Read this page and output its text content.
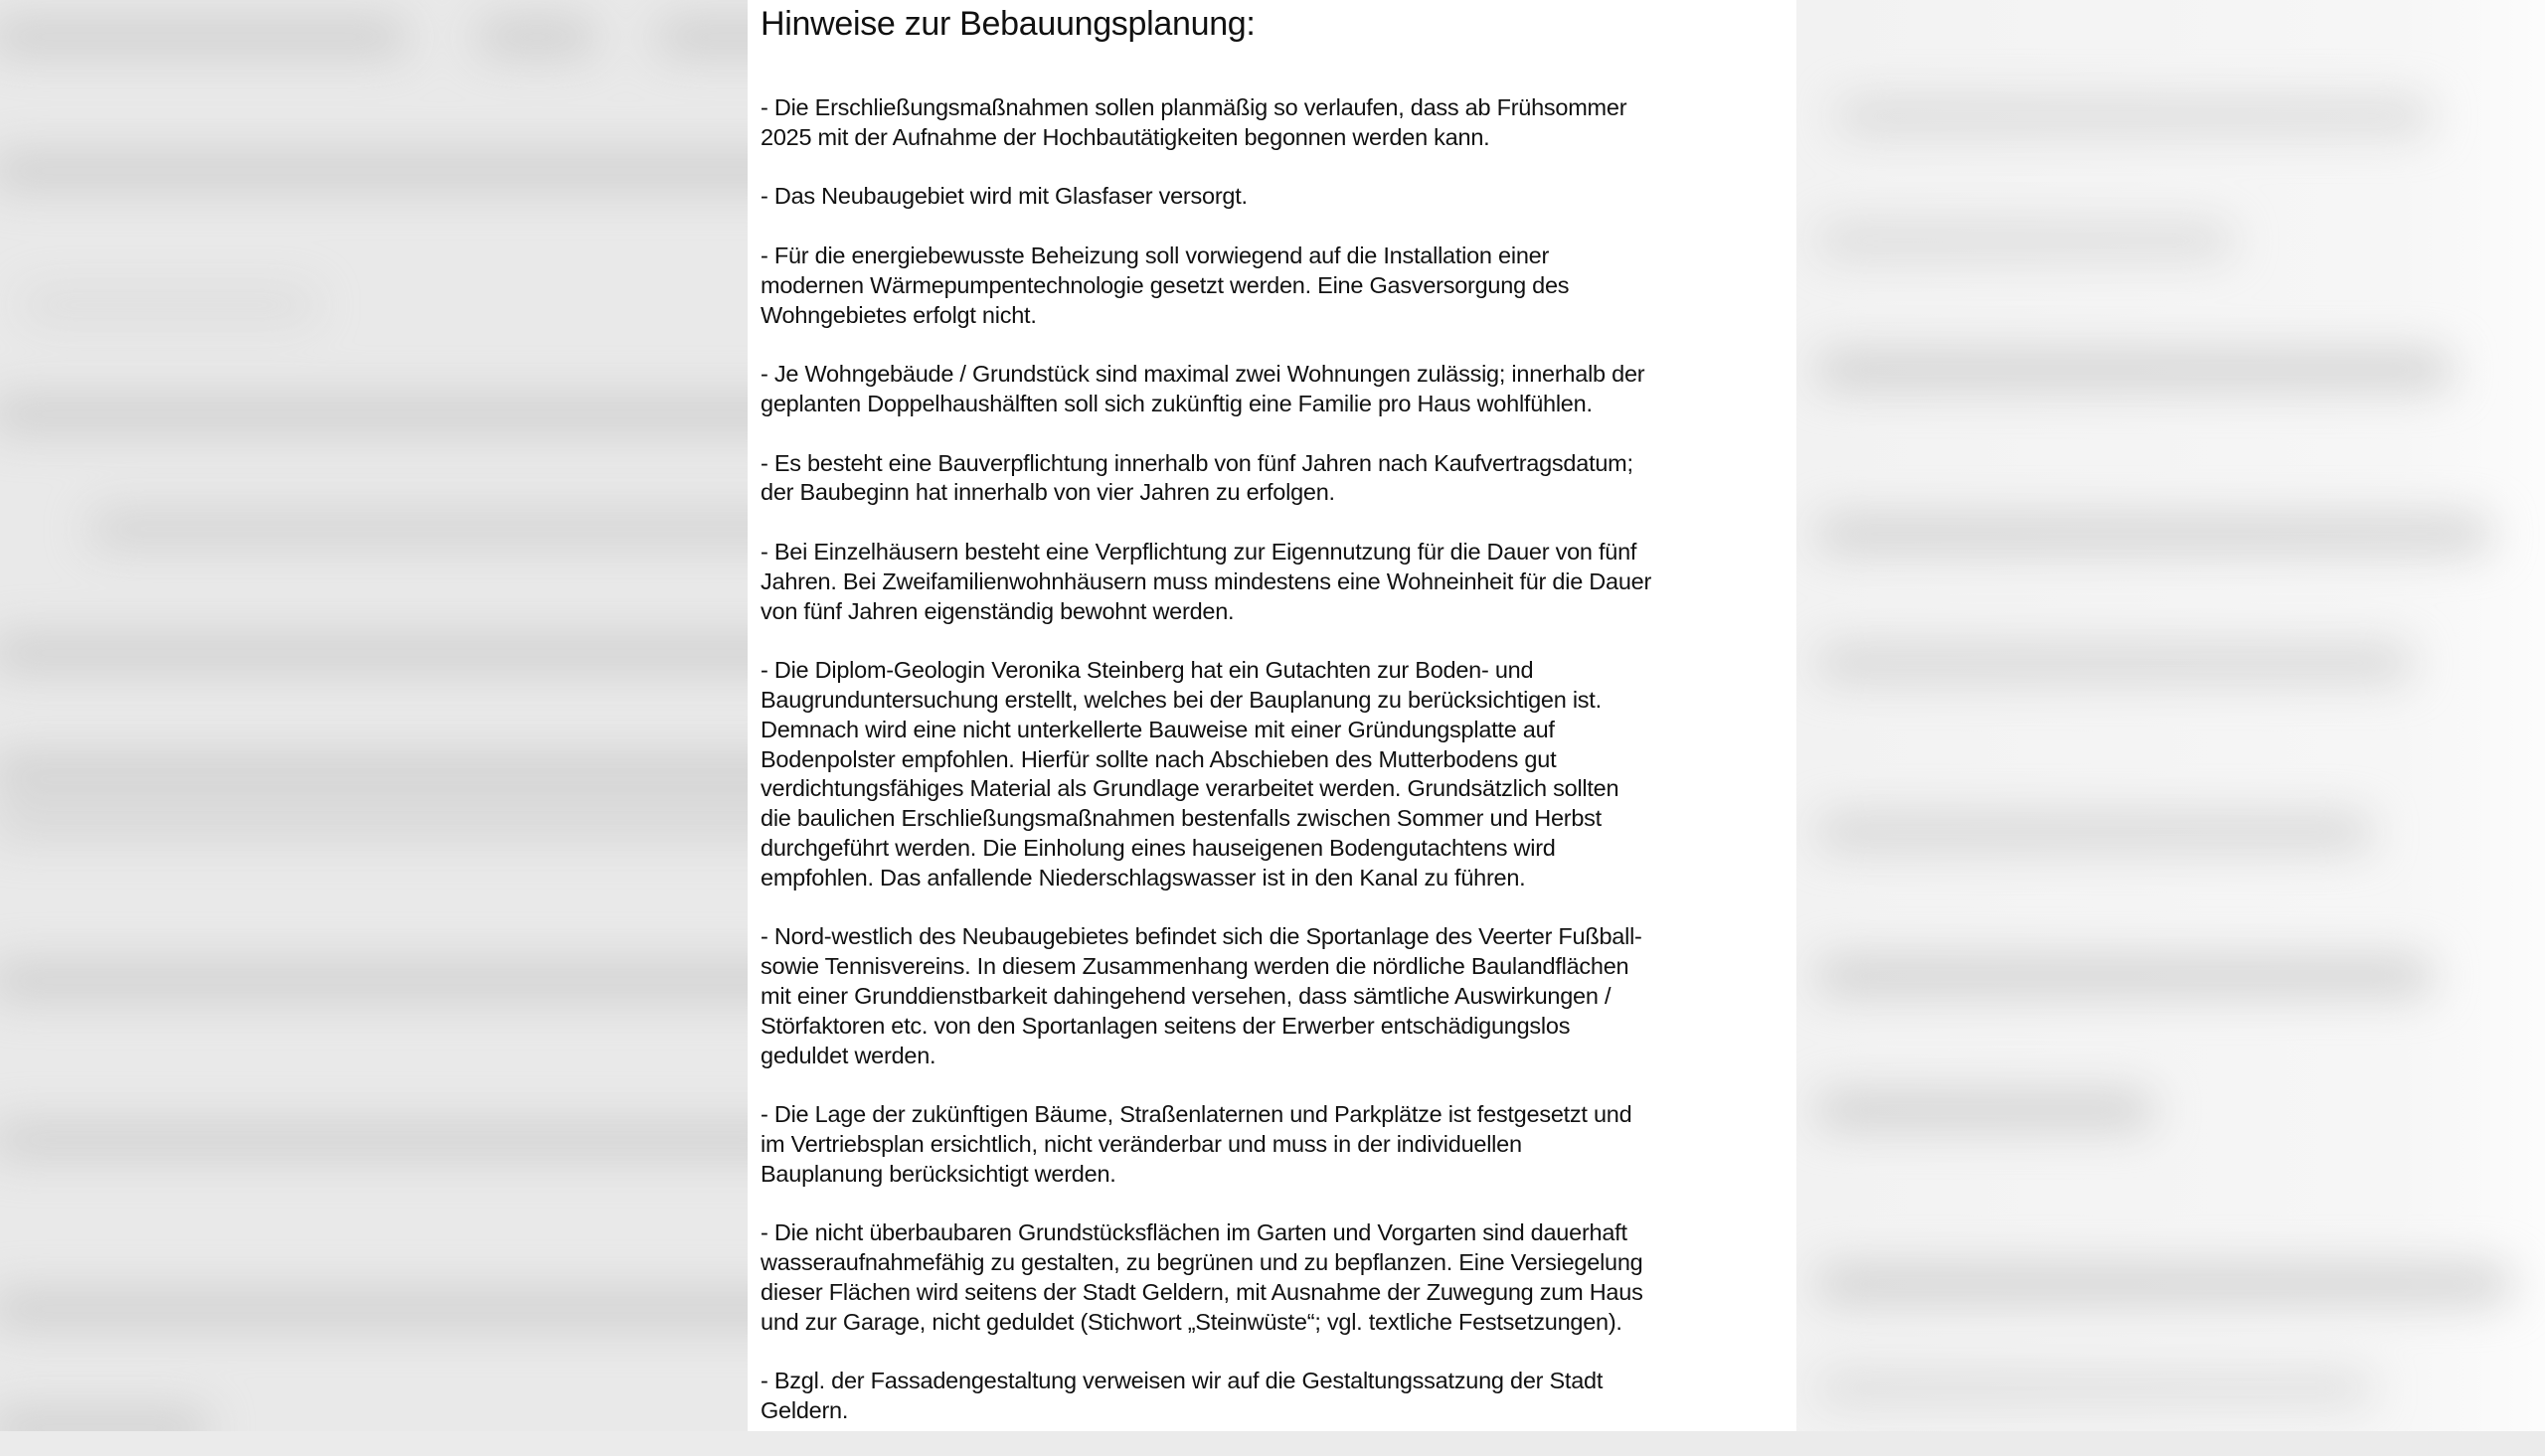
Hinweise zur Bebauungsplanung:

- Die Erschließungsmaßnahmen sollen planmäßig so verlaufen, dass ab Frühsommer
2025 mit der Aufnahme der Hochbautätigkeiten begonnen werden kann.

- Das Neubaugebiet wird mit Glasfaser versorgt.

- Für die energiebewusste Beheizung soll vorwiegend auf die Installation einer
modernen Wärmepumpentechnologie gesetzt werden. Eine Gasversorgung des
Wohngebietes erfolgt nicht.

- Je Wohngebäude / Grundstück sind maximal zwei Wohnungen zulässig; innerhalb der
geplanten Doppelhaushälften soll sich zukünftig eine Familie pro Haus wohlfühlen.

- Es besteht eine Bauverpflichtung innerhalb von fünf Jahren nach Kaufvertragsdatum;
der Baubeginn hat innerhalb von vier Jahren zu erfolgen.

- Bei Einzelhäusern besteht eine Verpflichtung zur Eigennutzung für die Dauer von fünf
Jahren. Bei Zweifamilienwohnhäusern muss mindestens eine Wohneinheit für die Dauer
von fünf Jahren eigenständig bewohnt werden.

- Die Diplom-Geologin Veronika Steinberg hat ein Gutachten zur Boden- und
Baugrunduntersuchung erstellt, welches bei der Bauplanung zu berücksichtigen ist.
Demnach wird eine nicht unterkellerte Bauweise mit einer Gründungsplatte auf
Bodenpolster empfohlen. Hierfür sollte nach Abschieben des Mutterbodens gut
verdichtungsfähiges Material als Grundlage verarbeitet werden. Grundsätzlich sollten
die baulichen Erschließungsmaßnahmen bestenfalls zwischen Sommer und Herbst
durchgeführt werden. Die Einholung eines hauseigenen Bodengutachtens wird
empfohlen. Das anfallende Niederschlagswasser ist in den Kanal zu führen.

- Nord-westlich des Neubaugebietes befindet sich die Sportanlage des Veerter Fußball-
sowie Tennisvereins. In diesem Zusammenhang werden die nördliche Baulandflächen
mit einer Grunddienstbarkeit dahingehend versehen, dass sämtliche Auswirkungen /
Störfaktoren etc. von den Sportanlagen seitens der Erwerber entschädigungslos
geduldet werden.

- Die Lage der zukünftigen Bäume, Straßenlaternen und Parkplätze ist festgesetzt und
im Vertriebsplan ersichtlich, nicht veränderbar und muss in der individuellen
Bauplanung berücksichtigt werden.

- Die nicht überbaubaren Grundstücksflächen im Garten und Vorgarten sind dauerhaft
wasseraufnahmefähig zu gestalten, zu begrünen und zu bepflanzen. Eine Versiegelung
dieser Flächen wird seitens der Stadt Geldern, mit Ausnahme der Zuwegung zum Haus
und zur Garage, nicht geduldet (Stichwort „Steinwüste“; vgl. textliche Festsetzungen).

- Bzgl. der Fassadengestaltung verweisen wir auf die Gestaltungssatzung der Stadt
Geldern.
